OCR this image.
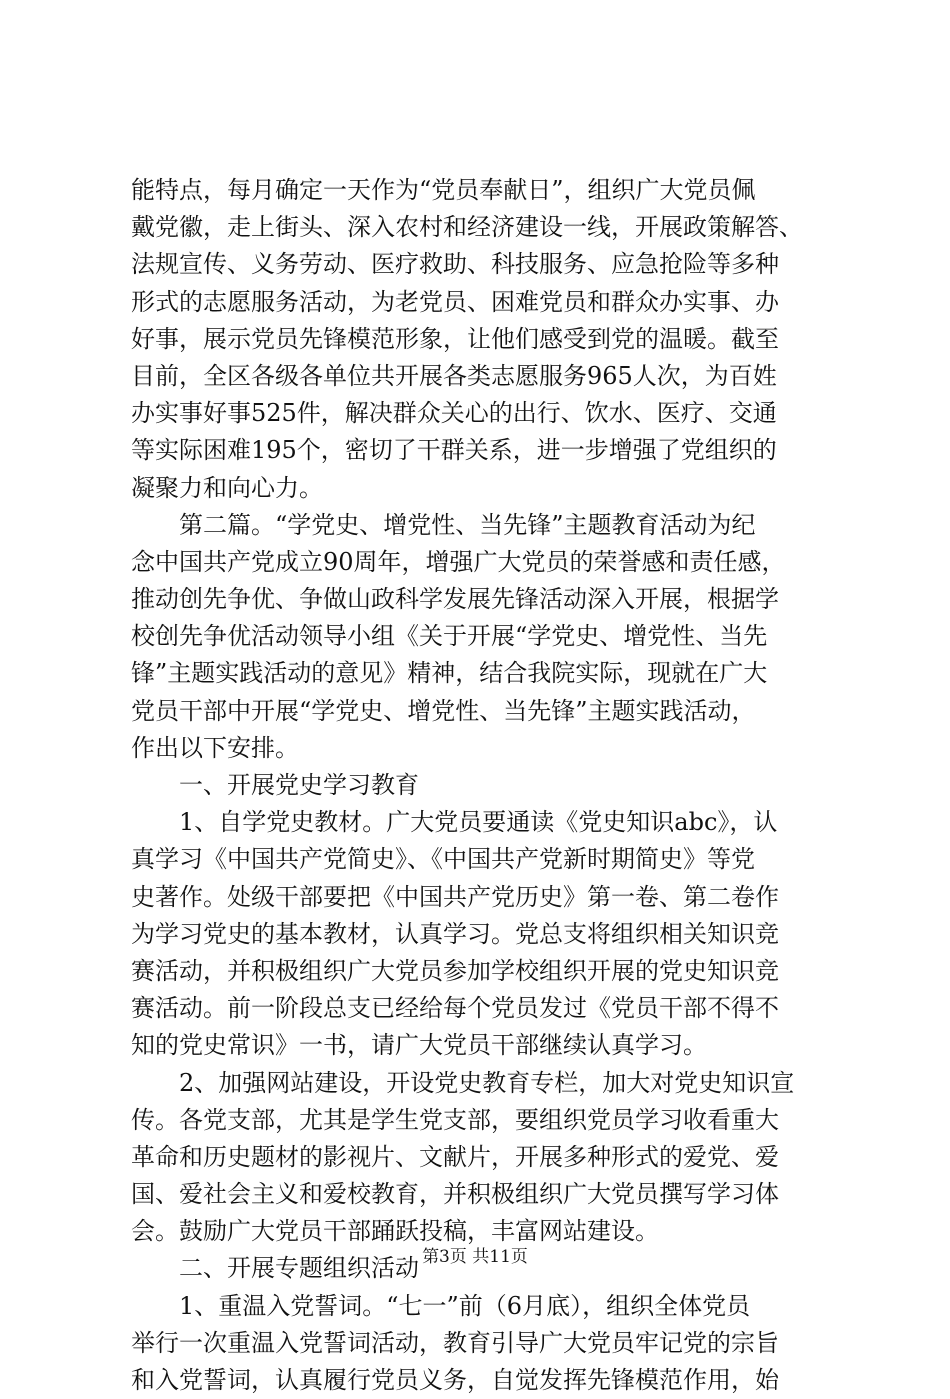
能特点，每月确定一天作为“党员奉献日”，组织广大党员佩
戴党徽，走上街头、深入农村和经济建设一线，开展政策解答、
法规宣传、义务劳动、医疗救助、科技服务、应急抢险等多种
形式的志愿服务活动，为老党员、困难党员和群众办实事、办
好事，展示党员先锋模范形象，让他们感受到党的温暖。截至
目前，全区各级各单位共开展各类志愿服务965人次，为百姓
办实事好事525件，解决群众关心的出行、饮水、医疗、交通
等实际困难195个，密切了干群关系，进一步增强了党组织的
凝聚力和向心力。
第二篇。“学党史、增党性、当先锋”主题教育活动为纪
念中国共产党成立90周年，增强广大党员的荣誉感和责任感，
推动创先争优、争做山政科学发展先锋活动深入开展，根据学
校创先争优活动领导小组《关于开展“学党史、增党性、当先
锋”主题实践活动的意见》精神，结合我院实际，现就在广大
党员干部中开展“学党史、增党性、当先锋”主题实践活动，
作出以下安排。
一、开展党史学习教育
1、自学党史教材。广大党员要通读《党史知识abc》，认
真学习《中国共产党简史》、《中国共产党新时期简史》等党
史著作。处级干部要把《中国共产党历史》第一卷、第二卷作
为学习党史的基本教材，认真学习。党总支将组织相关知识竞
赛活动，并积极组织广大党员参加学校组织开展的党史知识竞
赛活动。前一阶段总支已经给每个党员发过《党员干部不得不
知的党史常识》一书，请广大党员干部继续认真学习。
2、加强网站建设，开设党史教育专栏，加大对党史知识宣
传。各党支部，尤其是学生党支部，要组织党员学习收看重大
革命和历史题材的影视片、文献片，开展多种形式的爱党、爱
国、爱社会主义和爱校教育，并积极组织广大党员撰写学习体
会。鼓励广大党员干部踊跃投稿，丰富网站建设。
二、开展专题组织活动
1、重温入党誓词。“七一”前（6月底），组织全体党员
举行一次重温入党誓词活动，教育引导广大党员牢记党的宗旨
和入党誓词，认真履行党员义务，自觉发挥先锋模范作用，始
第3页 共11页
